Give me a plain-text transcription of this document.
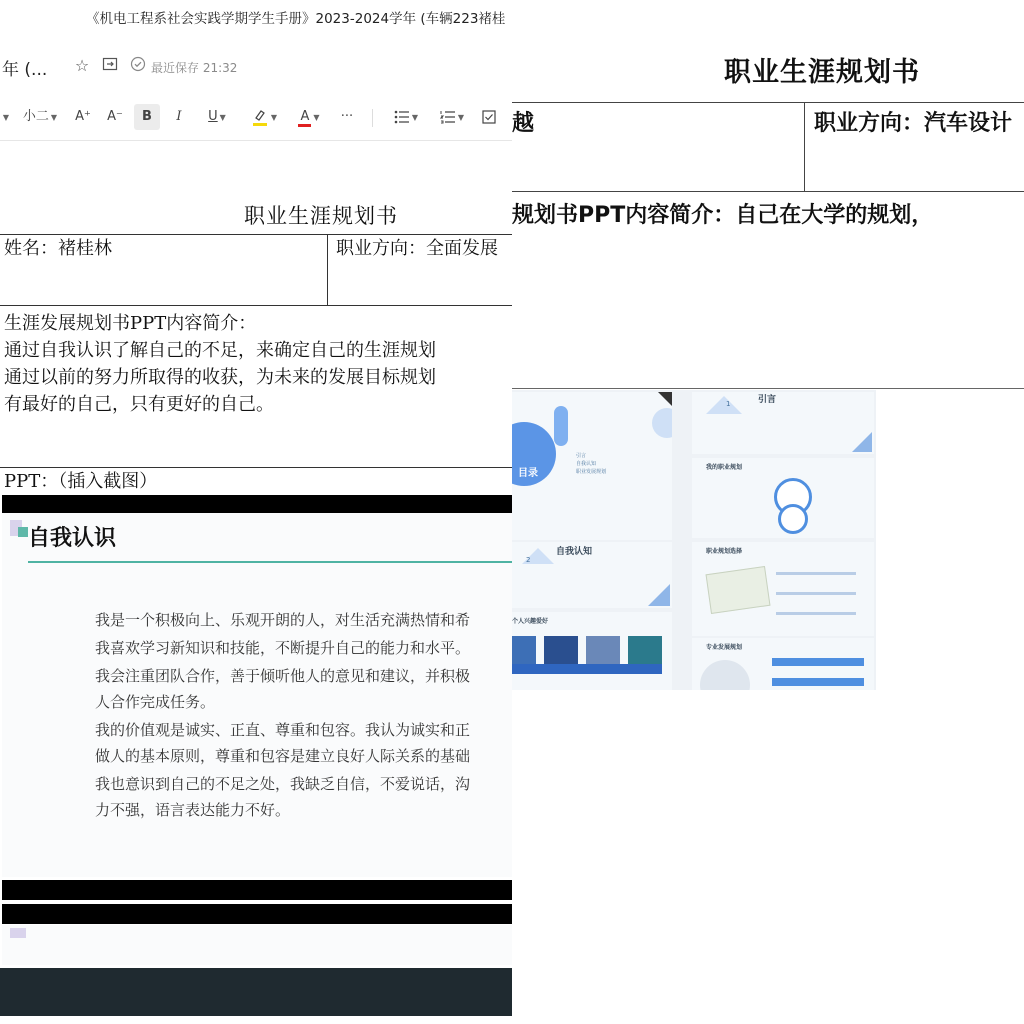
《机电工程系社会实践学期学生手册》2023-2024学年 (车辆223褚桂
年 (... ☆	最近保存 21:32
▼	小二 ▼	A⁺ A⁻	B	I	U ▼	▼	A ▼	···	▼	▼
职业生涯规划书
姓名：褚桂林	职业方向：全面发展
生涯发展规划书PPT内容简介：
通过自我认识了解自己的不足，来确定自己的生涯规划
通过以前的努力所取得的收获，为未来的发展目标规划
有最好的自己，只有更好的自己。
PPT：（插入截图）
自我认识

我是一个积极向上、乐观开朗的人，对生活充满热情和希

我喜欢学习新知识和技能，不断提升自己的能力和水平。

我会注重团队合作，善于倾听他人的意见和建议，并积极

人合作完成任务。

我的价值观是诚实、正直、尊重和包容。我认为诚实和正

做人的基本原则，尊重和包容是建立良好人际关系的基础

我也意识到自己的不足之处，我缺乏自信，不爱说话，沟

力不强，语言表达能力不好。

职业生涯规划书
越	职业方向：汽车设计
规划书PPT内容简介：自己在大学的规划，
目录
引言
自我认知
职业发展规划
1	引言
我的职业规划
2
自我认知	职业规划选择
个人兴趣爱好
专业发展规划
